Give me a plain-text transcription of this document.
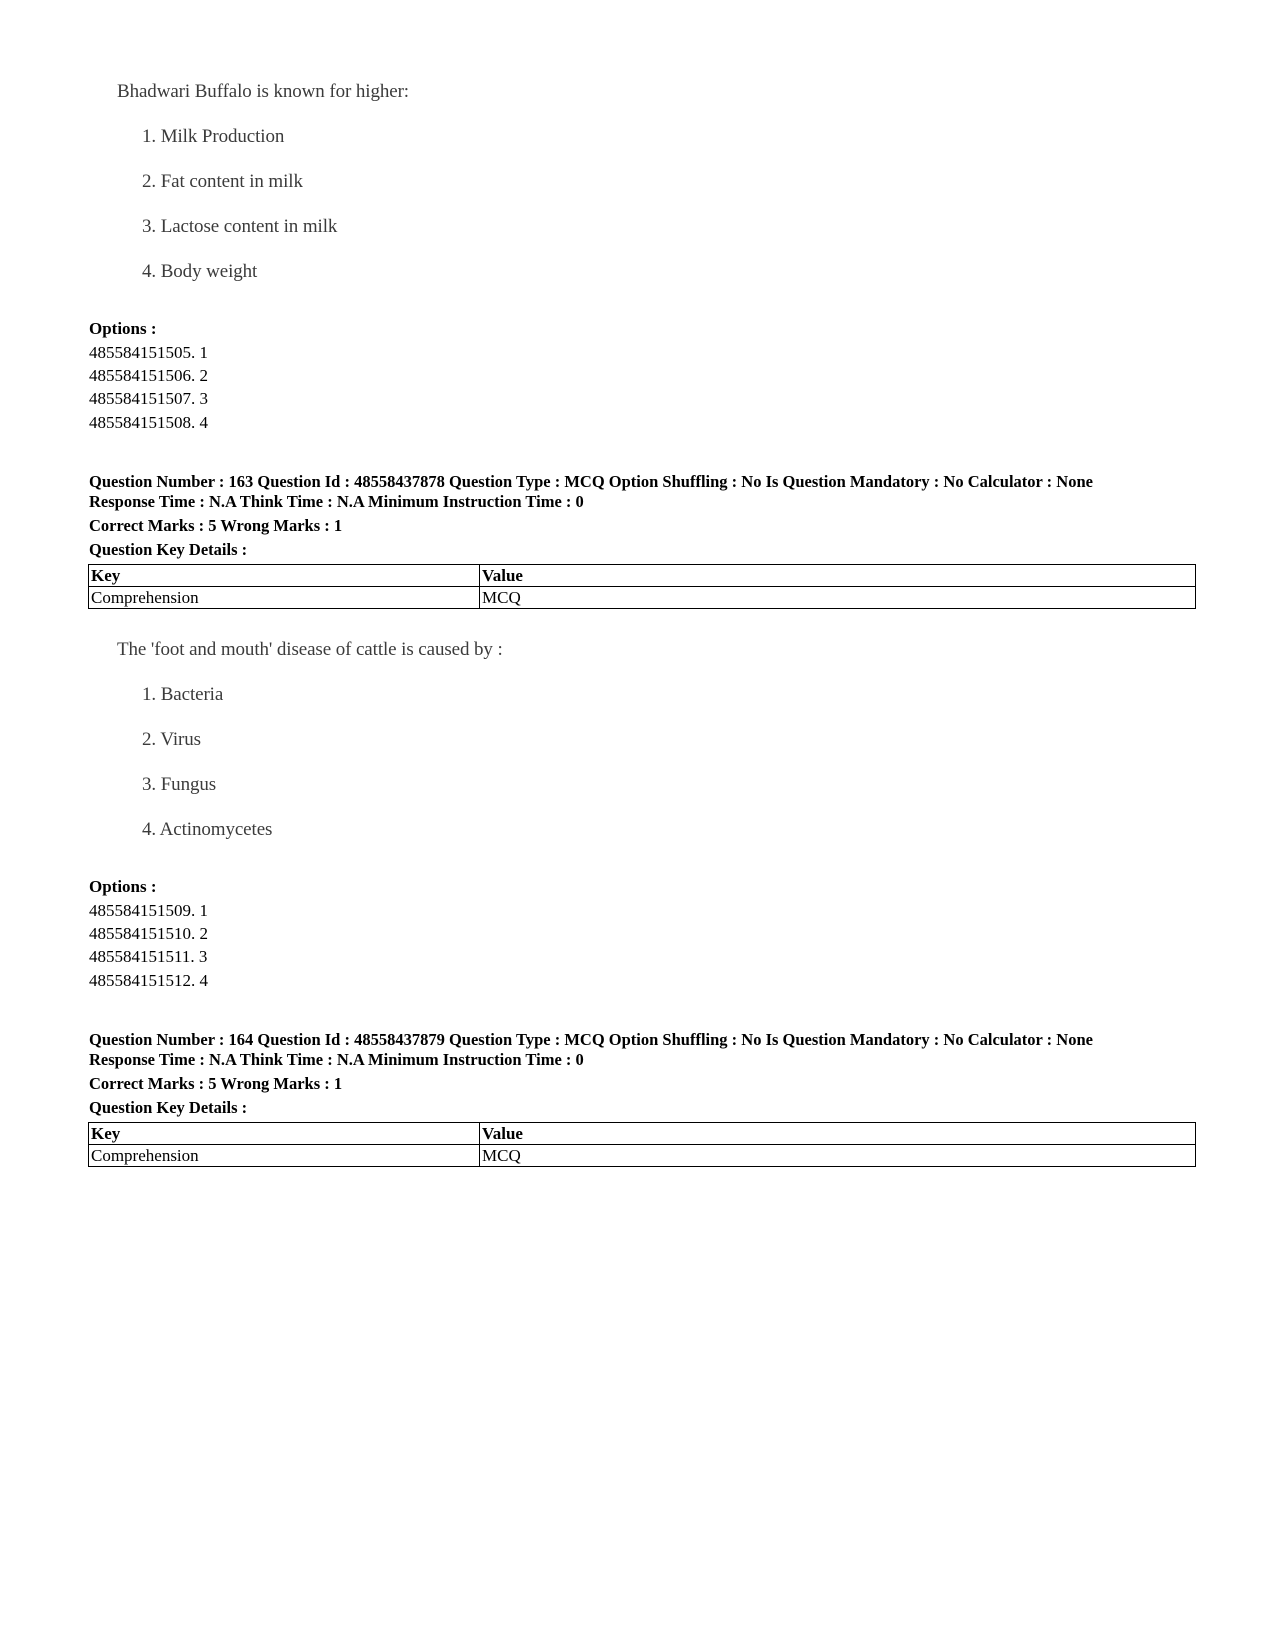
Bhadwari Buffalo is known for higher:
1. Milk Production
2. Fat content in milk
3. Lactose content in milk
4. Body weight
Options :
485584151505. 1
485584151506. 2
485584151507. 3
485584151508. 4
Question Number : 163 Question Id : 48558437878 Question Type : MCQ Option Shuffling : No Is Question Mandatory : No Calculator : None
Response Time : N.A Think Time : N.A Minimum Instruction Time : 0
Correct Marks : 5 Wrong Marks : 1
Question Key Details :
Key	Value
Comprehension	MCQ
The 'foot and mouth' disease of cattle is caused by :
1. Bacteria
2. Virus
3. Fungus
4. Actinomycetes
Options :
485584151509. 1
485584151510. 2
485584151511. 3
485584151512. 4
Question Number : 164 Question Id : 48558437879 Question Type : MCQ Option Shuffling : No Is Question Mandatory : No Calculator : None
Response Time : N.A Think Time : N.A Minimum Instruction Time : 0
Correct Marks : 5 Wrong Marks : 1
Question Key Details :
Key	Value
Comprehension	MCQ
